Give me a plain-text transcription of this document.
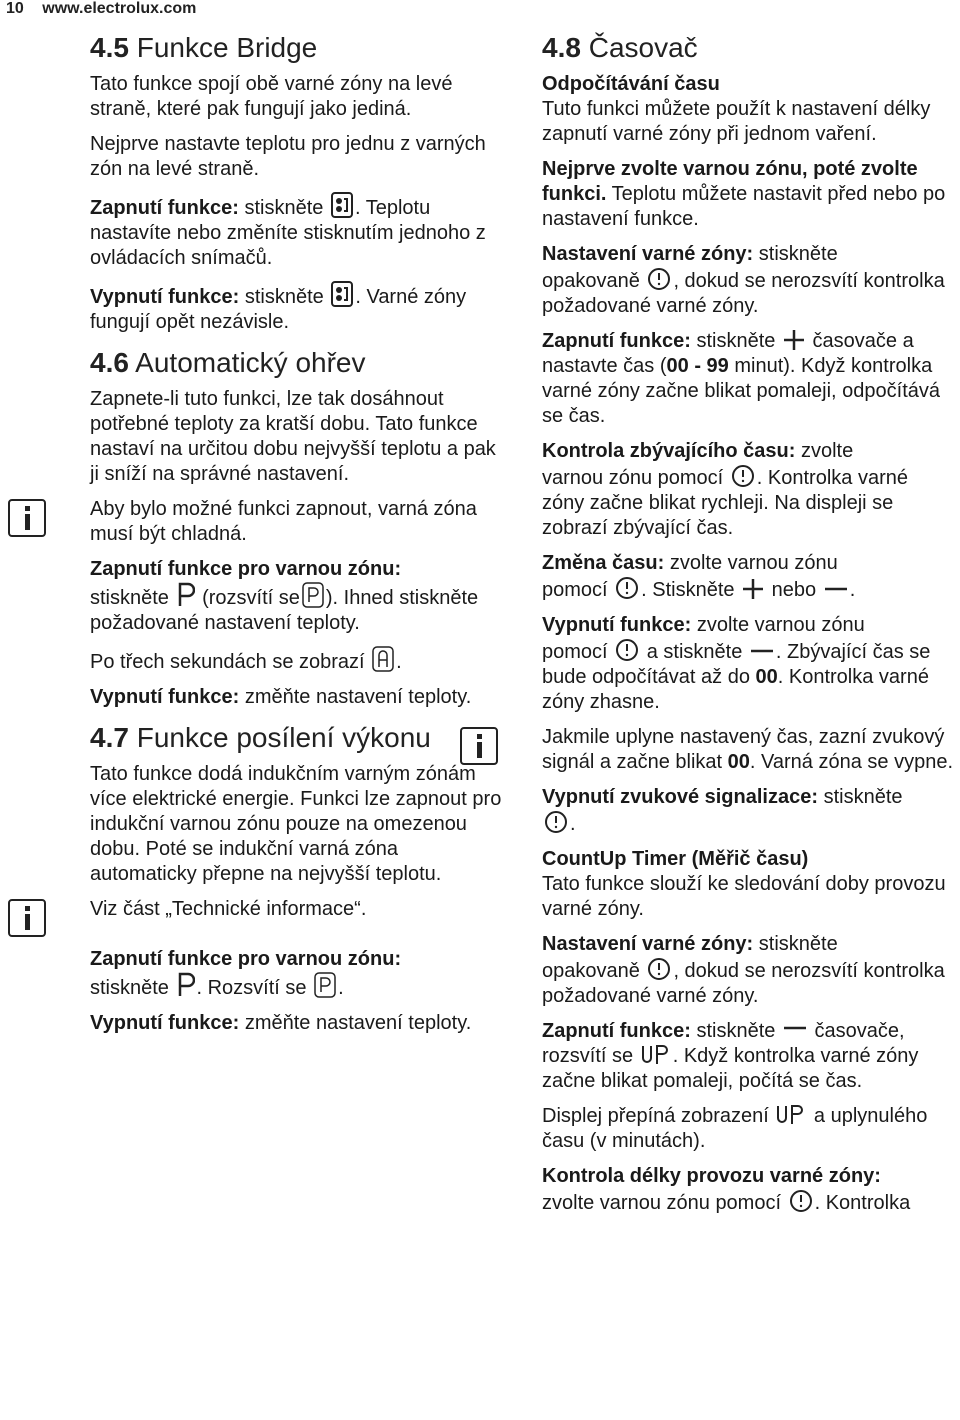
10 www.electrolux.com
4.5 Funkce Bridge

Tato funkce spojí obě varné zóny na levé straně, které pak fungují jako jediná.

Nejprve nastavte teplotu pro jednu z varných zón na levé straně.

Zapnutí funkce: stiskněte . Teplotu nastavíte nebo změníte stisknutím jednoho z ovládacích snímačů.

Vypnutí funkce: stiskněte . Varné zóny fungují opět nezávisle.

4.6 Automatický ohřev

Zapnete-li tuto funkci, lze tak dosáhnout potřebné teploty za kratší dobu. Tato funkce nastaví na určitou dobu nejvyšší teplotu a pak ji sníží na správné nastavení.

Aby bylo možné funkci zapnout, varná zóna musí být chladná.

Zapnutí funkce pro varnou zónu:
stiskněte (rozsvítí se ). Ihned stiskněte požadované nastavení teploty.

Po třech sekundách se zobrazí .

Vypnutí funkce: změňte nastavení teploty.

4.7 Funkce posílení výkonu

Tato funkce dodá indukčním varným zónám více elektrické energie. Funkci lze zapnout pro indukční varnou zónu pouze na omezenou dobu. Poté se indukční varná zóna automaticky přepne na nejvyšší teplotu.

Viz část „Technické informace“.

Zapnutí funkce pro varnou zónu:
stiskněte . Rozsvítí se .

Vypnutí funkce: změňte nastavení teploty.

4.8 Časovač

Odpočítávání času
Tuto funkci můžete použít k nastavení délky zapnutí varné zóny při jednom vaření.

Nejprve zvolte varnou zónu, poté zvolte funkci. Teplotu můžete nastavit před nebo po nastavení funkce.

Nastavení varné zóny: stiskněte
opakovaně , dokud se nerozsvítí kontrolka požadované varné zóny.

Zapnutí funkce: stiskněte časovače a nastavte čas (00 - 99 minut). Když kontrolka varné zóny začne blikat pomaleji, odpočítává se čas.

Kontrola zbývajícího času: zvolte
varnou zónu pomocí . Kontrolka varné zóny začne blikat rychleji. Na displeji se zobrazí zbývající čas.

Změna času: zvolte varnou zónu
pomocí . Stiskněte nebo .

Vypnutí funkce: zvolte varnou zónu
pomocí a stiskněte . Zbývající čas se bude odpočítávat až do 00. Kontrolka varné zóny zhasne.

Jakmile uplyne nastavený čas, zazní zvukový signál a začne blikat 00. Varná zóna se vypne.

Vypnutí zvukové signalizace: stiskněte

.

CountUp Timer (Měřič času)
Tato funkce slouží ke sledování doby provozu varné zóny.

Nastavení varné zóny: stiskněte
opakovaně , dokud se nerozsvítí kontrolka požadované varné zóny.

Zapnutí funkce: stiskněte časovače,
rozsvítí se . Když kontrolka varné zóny začne blikat pomaleji, počítá se čas.

Displej přepíná zobrazení a uplynulého času (v minutách).

Kontrola délky provozu varné zóny:
zvolte varnou zónu pomocí . Kontrolka
